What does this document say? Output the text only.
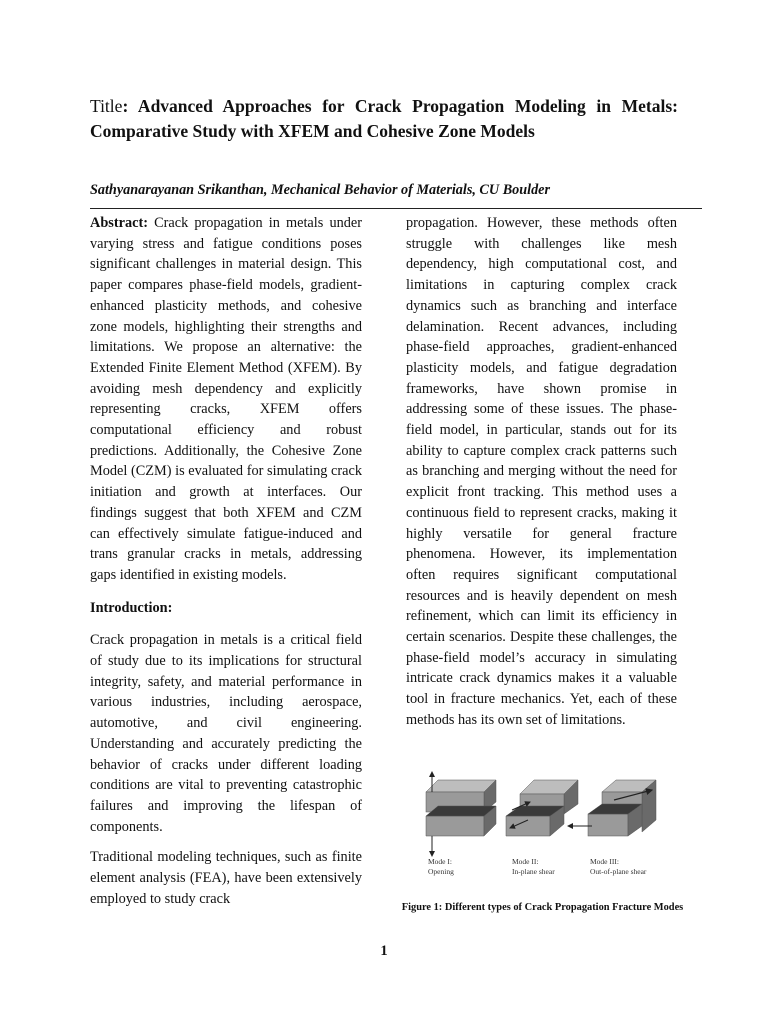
Title: Advanced Approaches for Crack Propagation Modeling in Metals: Comparative Study with XFEM and Cohesive Zone Models
Sathyanarayanan Srikanthan, Mechanical Behavior of Materials, CU Boulder

Abstract: Crack propagation in metals under varying stress and fatigue conditions poses significant challenges in material design. This paper compares phase-field models, gradient-enhanced plasticity methods, and cohesive zone models, highlighting their strengths and limitations. We propose an alternative: the Extended Finite Element Method (XFEM). By avoiding mesh dependency and explicitly representing cracks, XFEM offers computational efficiency and robust predictions. Additionally, the Cohesive Zone Model (CZM) is evaluated for simulating crack initiation and growth at interfaces. Our findings suggest that both XFEM and CZM can effectively simulate fatigue-induced and trans granular cracks in metals, addressing gaps identified in existing models.

Introduction:

Crack propagation in metals is a critical field of study due to its implications for structural integrity, safety, and material performance in various industries, including aerospace, automotive, and civil engineering. Understanding and accurately predicting the behavior of cracks under different loading conditions are vital to preventing catastrophic failures and improving the lifespan of components.

Traditional modeling techniques, such as finite element analysis (FEA), have been extensively employed to study crack

propagation. However, these methods often struggle with challenges like mesh dependency, high computational cost, and limitations in capturing complex crack dynamics such as branching and interface delamination. Recent advances, including phase-field approaches, gradient-enhanced plasticity models, and fatigue degradation frameworks, have shown promise in addressing some of these issues. The phase-field model, in particular, stands out for its ability to capture complex crack patterns such as branching and merging without the need for explicit front tracking. This method uses a continuous field to represent cracks, making it highly versatile for general fracture phenomena. However, its implementation often requires significant computational resources and is heavily dependent on mesh refinement, which can limit its efficiency in certain scenarios. Despite these challenges, the phase-field model’s accuracy in simulating intricate crack dynamics makes it a valuable tool in fracture mechanics. Yet, each of these methods has its own set of limitations.

Mode I:
Opening
Mode II:
In-plane shear
Mode III:
Out-of-plane shear
Figure 1: Different types of Crack Propagation Fracture Modes
1
